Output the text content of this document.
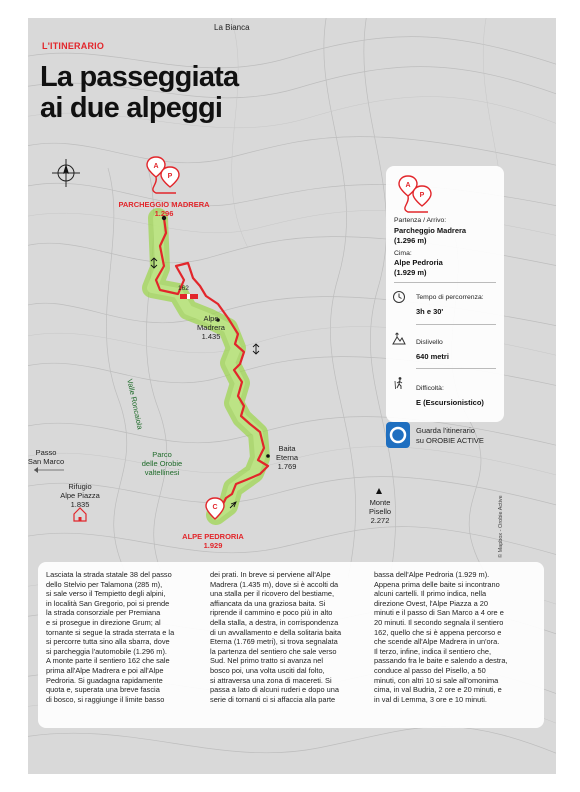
L'ITINERARIO
La passeggiata
ai due alpeggi
La Bianca
A
P
PARCHEGGIO MADRERA
1.296
162
Alpe
Madrera
1.435
Valle Roncaiola
Baita
Eterna
1.769
Parco
delle Orobie
valtellinesi
Passo
San Marco
Rifugio
Alpe Piazza
1.835	Monte
Pisello
2.272
C
ALPE PEDRORIA
1.929	© Mapbox - Orobie Active
A
P
Partenza / Arrivo:
Parcheggio Madrera
(1.296 m)
Cima:
Alpe Pedroria
(1.929 m)
Tempo di percorrenza:
3h e 30'
Dislivello
640 metri
Difficoltà:
E (Escursionistico)
Guarda l'itinerario
su OROBIE ACTIVE
Lasciata la strada statale 38 del passo
dello Stelvio per Talamona (285 m),
si sale verso il Tempietto degli alpini,
in località San Gregorio, poi si prende
la strada consorziale per Premiana
e si prosegue in direzione Grum; al
tornante si segue la strada sterrata e la
si percorre tutta sino alla sbarra, dove
si parcheggia l'automobile (1.296 m).
A monte parte il sentiero 162 che sale
prima all'Alpe Madrera e poi all'Alpe
Pedroria. Si guadagna rapidamente
quota e, superata una breve fascia
di bosco, si raggiunge il limite basso
dei prati. In breve si perviene all'Alpe
Madrera (1.435 m), dove si è accolti da
una stalla per il ricovero del bestiame,
affiancata da una graziosa baita. Si
riprende il cammino e poco più in alto
della stalla, a destra, in corrispondenza
di un avvallamento e della solitaria baita
Eterna (1.769 metri), si trova segnalata
la partenza del sentiero che sale verso
Sud. Nel primo tratto si avanza nel
bosco poi, una volta usciti dal folto,
si attraversa una zona di macereti. Si
passa a lato di alcuni ruderi e dopo una
serie di tornanti ci si affaccia alla parte
bassa dell'Alpe Pedroria (1.929 m).
Appena prima delle baite si incontrano
alcuni cartelli. Il primo indica, nella
direzione Ovest, l'Alpe Piazza a 20
minuti e il passo di San Marco a 4 ore e
20 minuti. Il secondo segnala il sentiero
162, quello che si è appena percorso e
che scende all'Alpe Madrera in un'ora.
Il terzo, infine, indica il sentiero che,
passando fra le baite e salendo a destra,
conduce al passo del Pisello, a 50
minuti, con altri 10 si sale all'omonima
cima, in val Budria, 2 ore e 20 minuti, e
in val di Lemma, 3 ore e 10 minuti.
